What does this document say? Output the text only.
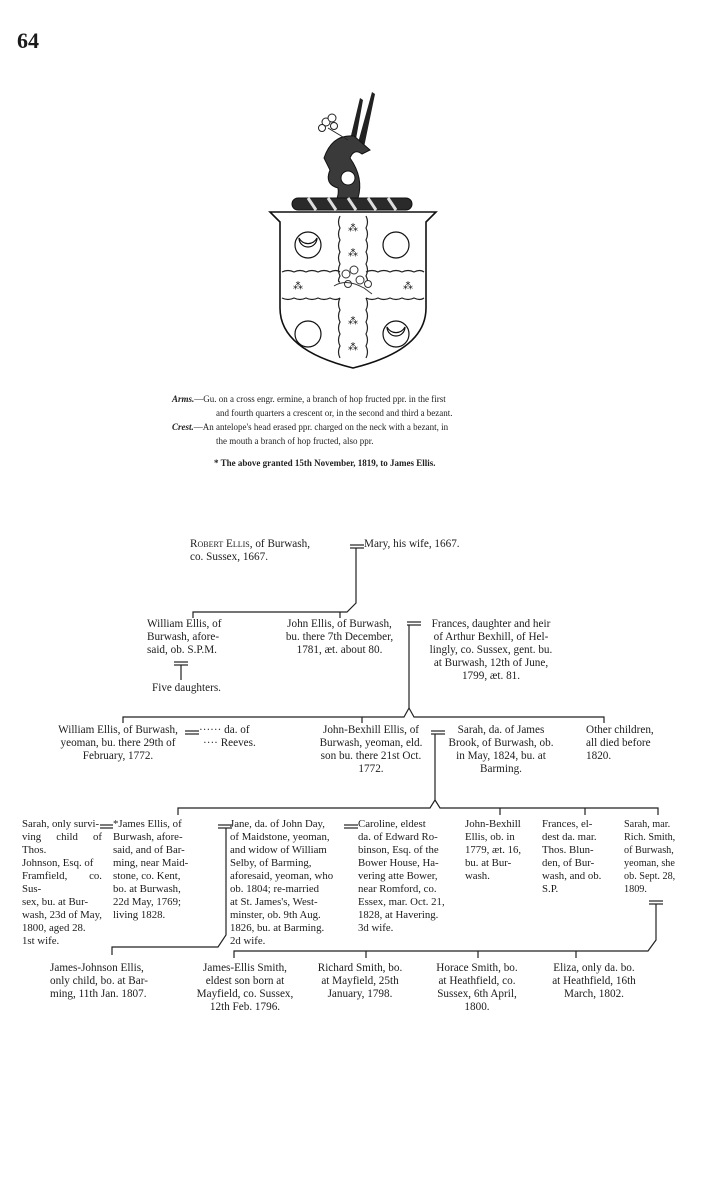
64
⁂
⁂
⁂	⁂
⁂
⁂
Arms.—Gu. on a cross engr. ermine, a branch of hop fructed ppr. in the first
and fourth quarters a crescent or, in the second and third a bezant.
Crest.—An antelope's head erased ppr. charged on the neck with a bezant, in
the mouth a branch of hop fructed, also ppr.
* The above granted 15th November, 1819, to James Ellis.
Robert Ellis, of Burwash,
co. Sussex, 1667.
Mary, his wife, 1667.
William Ellis, of
Burwash, afore-
said, ob. S.P.M.
Five daughters.
John Ellis, of Burwash,
bu. there 7th December,
1781, æt. about 80.
Frances, daughter and heir
of Arthur Bexhill, of Hel-
lingly, co. Sussex, gent. bu.
at Burwash, 12th of June,
1799, æt. 81.
William Ellis, of Burwash,
yeoman, bu. there 29th of
February, 1772.
······ da. of
···· Reeves.
John-Bexhill Ellis, of
Burwash, yeoman, eld.
son bu. there 21st Oct.
1772.
Sarah, da. of James
Brook, of Burwash, ob.
in May, 1824, bu. at
Barming.
Other children,
all died before
1820.
Sarah, only survi-
ving child of Thos.
Johnson, Esq. of
Framfield, co. Sus-
sex, bu. at Bur-
wash, 23d of May,
1800, aged 28.
1st wife.
*James Ellis, of
Burwash, afore-
said, and of Bar-
ming, near Maid-
stone, co. Kent,
bo. at Burwash,
22d May, 1769;
living 1828.
Jane, da. of John Day,
of Maidstone, yeoman,
and widow of William
Selby, of Barming,
aforesaid, yeoman, who
ob. 1804; re-married
at St. James's, West-
minster, ob. 9th Aug.
1826, bu. at Barming.
2d wife.
Caroline, eldest
da. of Edward Ro-
binson, Esq. of the
Bower House, Ha-
vering atte Bower,
near Romford, co.
Essex, mar. Oct. 21,
1828, at Havering.
3d wife.
John-Bexhill
Ellis, ob. in
1779, æt. 16,
bu. at Bur-
wash.
Frances, el-
dest da. mar.
Thos. Blun-
den, of Bur-
wash, and ob.
S.P.
Sarah, mar.
Rich. Smith,
of Burwash,
yeoman, she
ob. Sept. 28,
1809.
James-Johnson Ellis,
only child, bo. at Bar-
ming, 11th Jan. 1807.
James-Ellis Smith,
eldest son born at
Mayfield, co. Sussex,
12th Feb. 1796.
Richard Smith, bo.
at Mayfield, 25th
January, 1798.
Horace Smith, bo.
at Heathfield, co.
Sussex, 6th April,
1800.
Eliza, only da. bo.
at Heathfield, 16th
March, 1802.
